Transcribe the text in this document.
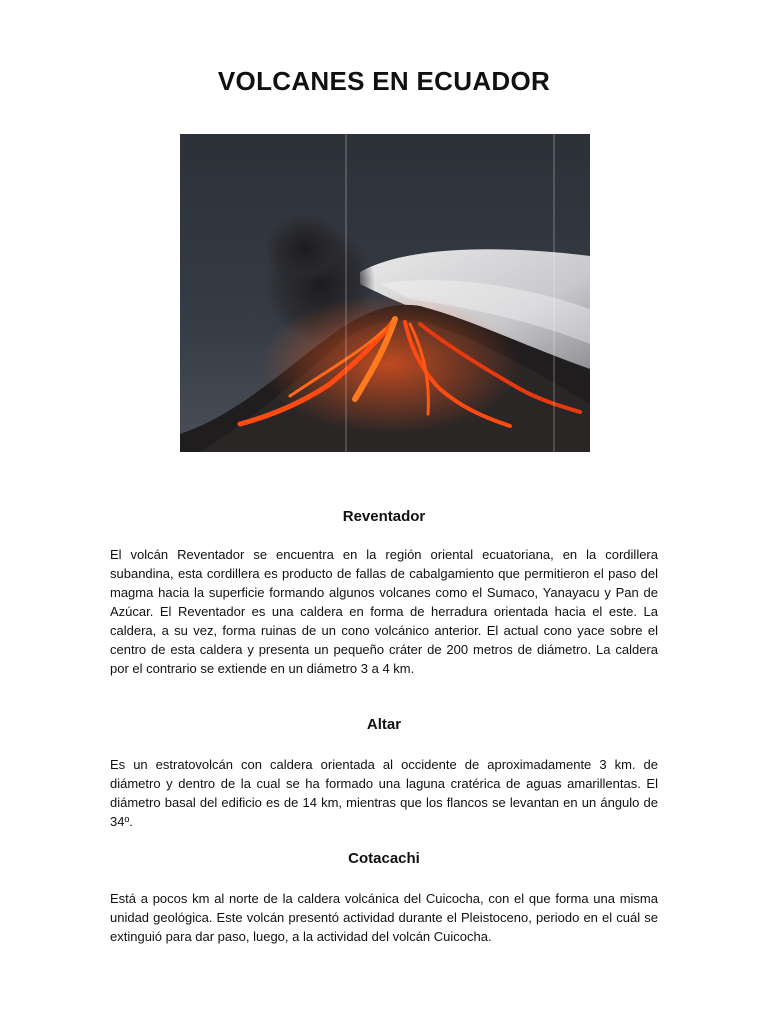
VOLCANES EN ECUADOR
Reventador
El volcán Reventador se encuentra en la región oriental ecuatoriana, en la cordillera subandina, esta cordillera es producto de fallas de cabalgamiento que permitieron el paso del magma hacia la superficie formando algunos volcanes como el Sumaco, Yanayacu y Pan de Azúcar. El Reventador es una caldera en forma de herradura orientada hacia el este. La caldera, a su vez, forma ruinas de un cono volcánico anterior. El actual cono yace sobre el centro de esta caldera y presenta un pequeño cráter de 200 metros de diámetro. La caldera por el contrario se extiende en un diámetro 3 a 4 km.
Altar
Es un estratovolcán con caldera orientada al occidente de aproximadamente 3 km. de diámetro y dentro de la cual se ha formado una laguna cratérica de aguas amarillentas. El diámetro basal del edificio es de 14 km, mientras que los flancos se levantan en un ángulo de 34º.
Cotacachi
Está a pocos km al norte de la caldera volcánica del Cuicocha, con el que forma una misma unidad geológica. Este volcán presentó actividad durante el Pleistoceno, periodo en el cuál se extinguió para dar paso, luego, a la actividad del volcán Cuicocha.
